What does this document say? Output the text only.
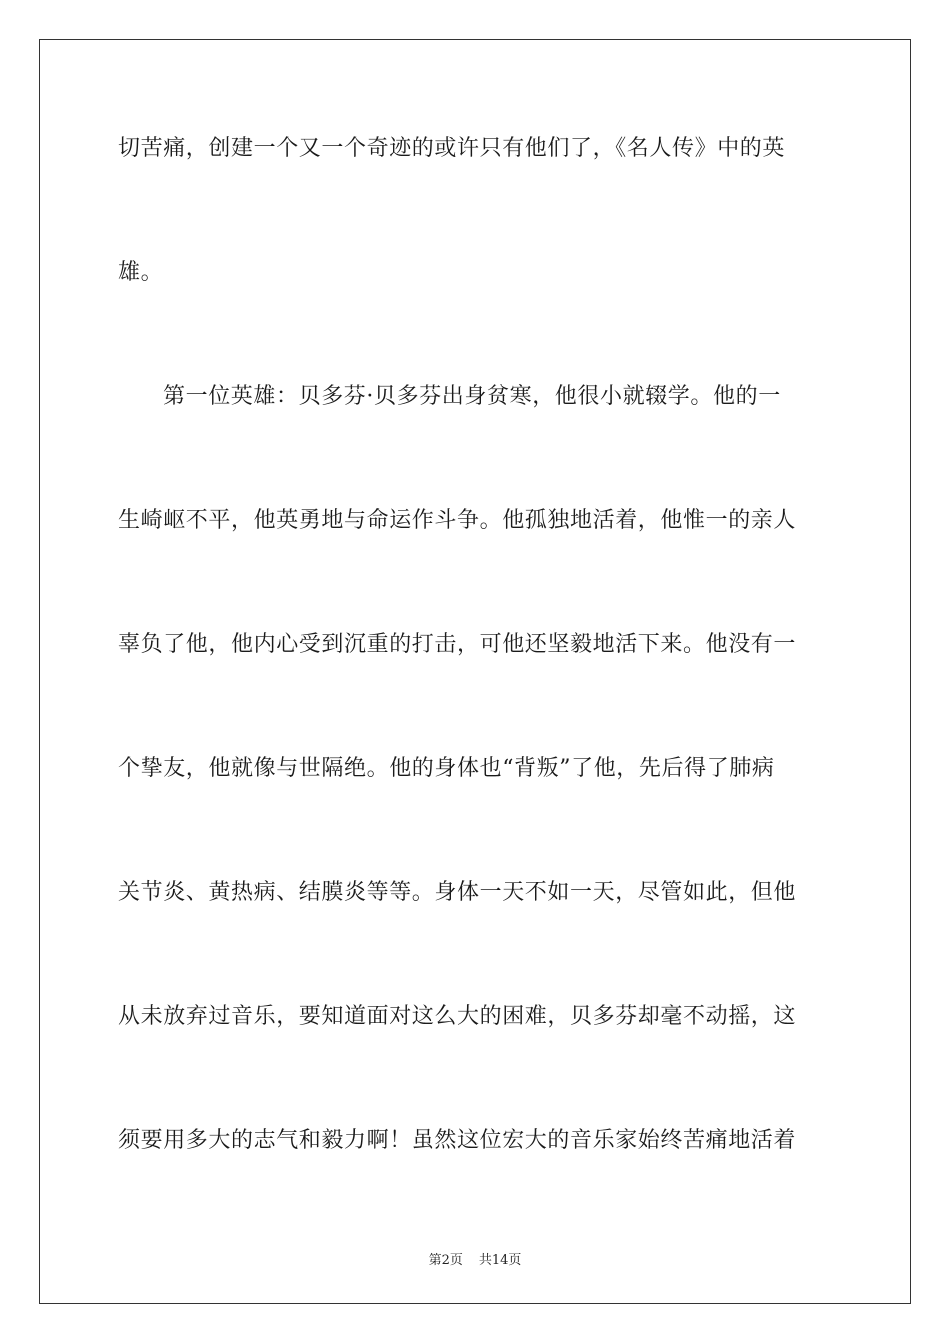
切苦痛，创建一个又一个奇迹的或许只有他们了，《名人传》中的英
雄。
第一位英雄：贝多芬·贝多芬出身贫寒，他很小就辍学。他的一
生崎岖不平，他英勇地与命运作斗争。他孤独地活着，他惟一的亲人
辜负了他，他内心受到沉重的打击，可他还坚毅地活下来。他没有一
个挚友，他就像与世隔绝。他的身体也“背叛”了他，先后得了肺病
关节炎、黄热病、结膜炎等等。身体一天不如一天，尽管如此，但他
从未放弃过音乐，要知道面对这么大的困难，贝多芬却毫不动摇，这
须要用多大的志气和毅力啊！虽然这位宏大的音乐家始终苦痛地活着
第2页 共14页
